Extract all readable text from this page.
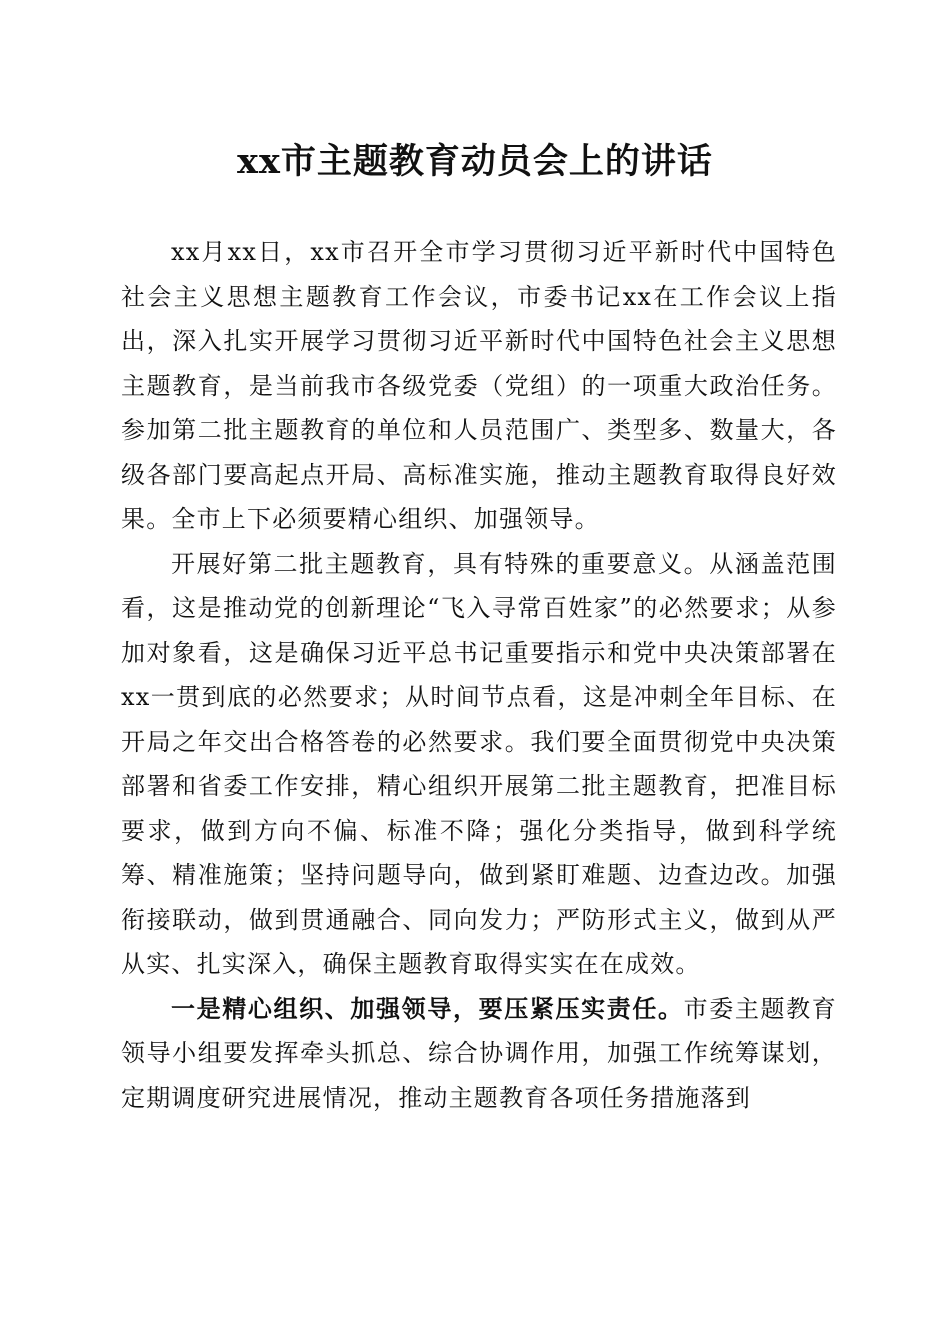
xx市主题教育动员会上的讲话

xx月xx日，xx市召开全市学习贯彻习近平新时代中国特色社会主义思想主题教育工作会议，市委书记xx在工作会议上指出，深入扎实开展学习贯彻习近平新时代中国特色社会主义思想主题教育，是当前我市各级党委（党组）的一项重大政治任务。参加第二批主题教育的单位和人员范围广、类型多、数量大，各级各部门要高起点开局、高标准实施，推动主题教育取得良好效果。全市上下必须要精心组织、加强领导。

开展好第二批主题教育，具有特殊的重要意义。从涵盖范围看，这是推动党的创新理论“飞入寻常百姓家”的必然要求；从参加对象看，这是确保习近平总书记重要指示和党中央决策部署在xx一贯到底的必然要求；从时间节点看，这是冲刺全年目标、在开局之年交出合格答卷的必然要求。我们要全面贯彻党中央决策部署和省委工作安排，精心组织开展第二批主题教育，把准目标要求，做到方向不偏、标准不降；强化分类指导，做到科学统筹、精准施策；坚持问题导向，做到紧盯难题、边查边改。加强衔接联动，做到贯通融合、同向发力；严防形式主义，做到从严从实、扎实深入，确保主题教育取得实实在在成效。

一是精心组织、加强领导，要压紧压实责任。市委主题教育领导小组要发挥牵头抓总、综合协调作用，加强工作统筹谋划，定期调度研究进展情况，推动主题教育各项任务措施落到
